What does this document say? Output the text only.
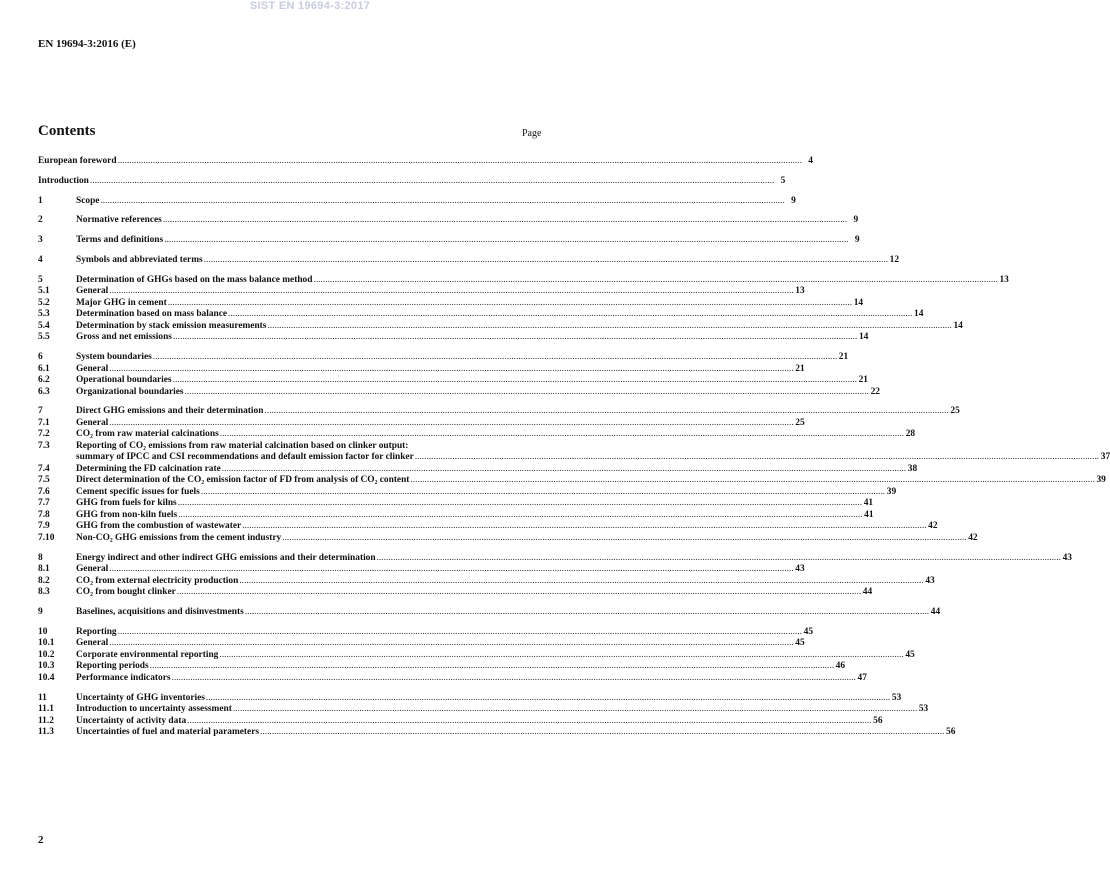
SIST EN 19694-3:2017
EN 19694-3:2016 (E)
Contents	Page
European foreword .....	4
Introduction .....	5
1	Scope .....	9
2	Normative references .....	9
3	Terms and definitions .....	9
4	Symbols and abbreviated terms .....	12
5	Determination of GHGs based on the mass balance method .....	13
5.1	General .....	13
5.2	Major GHG in cement .....	14
5.3	Determination based on mass balance .....	14
5.4	Determination by stack emission measurements .....	14
5.5	Gross and net emissions .....	14
6	System boundaries .....	21
6.1	General .....	21
6.2	Operational boundaries .....	21
6.3	Organizational boundaries .....	22
7	Direct GHG emissions and their determination .....	25
7.1	General .....	25
7.2	CO₂ from raw material calcinations .....	28
7.3	Reporting of CO₂ emissions from raw material calcination based on clinker output:
summary of IPCC and CSI recommendations and default emission factor for clinker .....	37
7.4	Determining the FD calcination rate .....	38
7.5	Direct determination of the CO₂ emission factor of FD from analysis of CO₂ content .....	39
7.6	Cement specific issues for fuels .....	39
7.7	GHG from fuels for kilns .....	41
7.8	GHG from non-kiln fuels .....	41
7.9	GHG from the combustion of wastewater .....	42
7.10	Non-CO₂ GHG emissions from the cement industry .....	42
8	Energy indirect and other indirect GHG emissions and their determination .....	43
8.1	General .....	43
8.2	CO₂ from external electricity production .....	43
8.3	CO₂ from bought clinker .....	44
9	Baselines, acquisitions and disinvestments .....	44
10	Reporting .....	45
10.1	General .....	45
10.2	Corporate environmental reporting .....	45
10.3	Reporting periods .....	46
10.4	Performance indicators .....	47
11	Uncertainty of GHG inventories .....	53
11.1	Introduction to uncertainty assessment .....	53
11.2	Uncertainty of activity data .....	56
11.3	Uncertainties of fuel and material parameters .....	56
2
